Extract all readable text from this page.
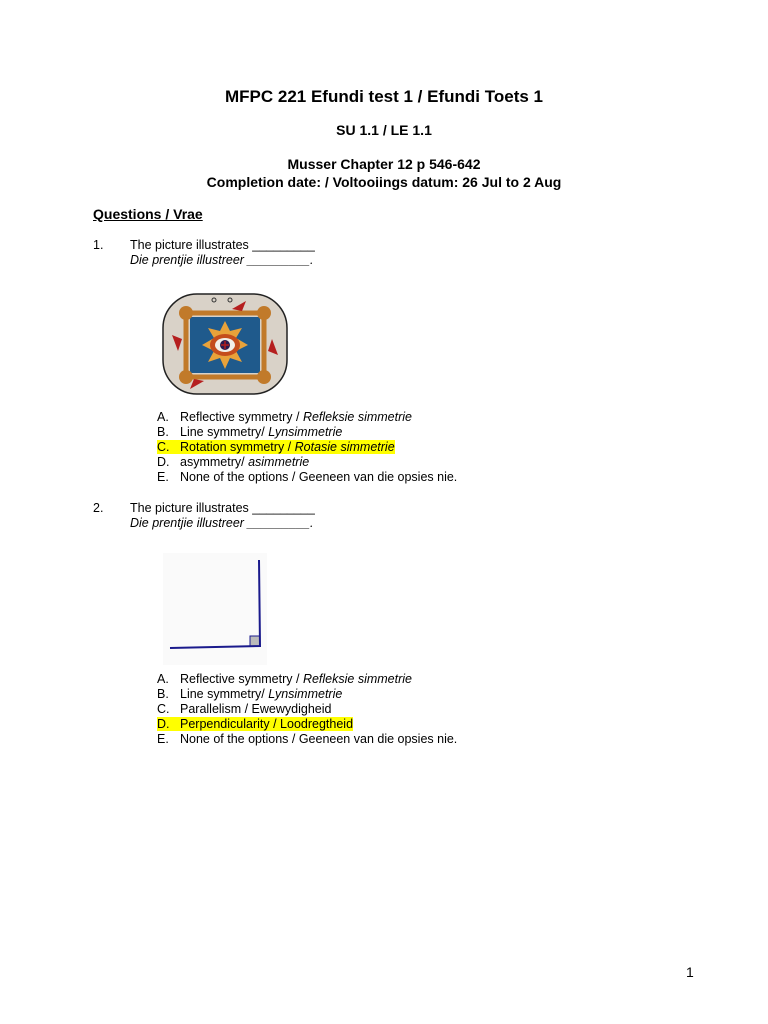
MFPC 221 Efundi test 1 / Efundi Toets 1
SU 1.1 / LE 1.1
Musser Chapter 12 p 546-642
Completion date: / Voltooiings datum: 26 Jul to 2 Aug
Questions / Vrae
1. The picture illustrates _________
Die prentjie illustreer _________.
A. Reflective symmetry / Refleksie simmetrie
B. Line symmetry/ Lynsimmetrie
C. Rotation symmetry / Rotasie simmetrie
D. asymmetry/ asimmetrie
E. None of the options / Geeneen van die opsies nie.
2. The picture illustrates _________
Die prentjie illustreer _________.
A. Reflective symmetry / Refleksie simmetrie
B. Line symmetry/ Lynsimmetrie
C. Parallelism / Ewewydigheid
D. Perpendicularity / Loodregtheid
E. None of the options / Geeneen van die opsies nie.
1
